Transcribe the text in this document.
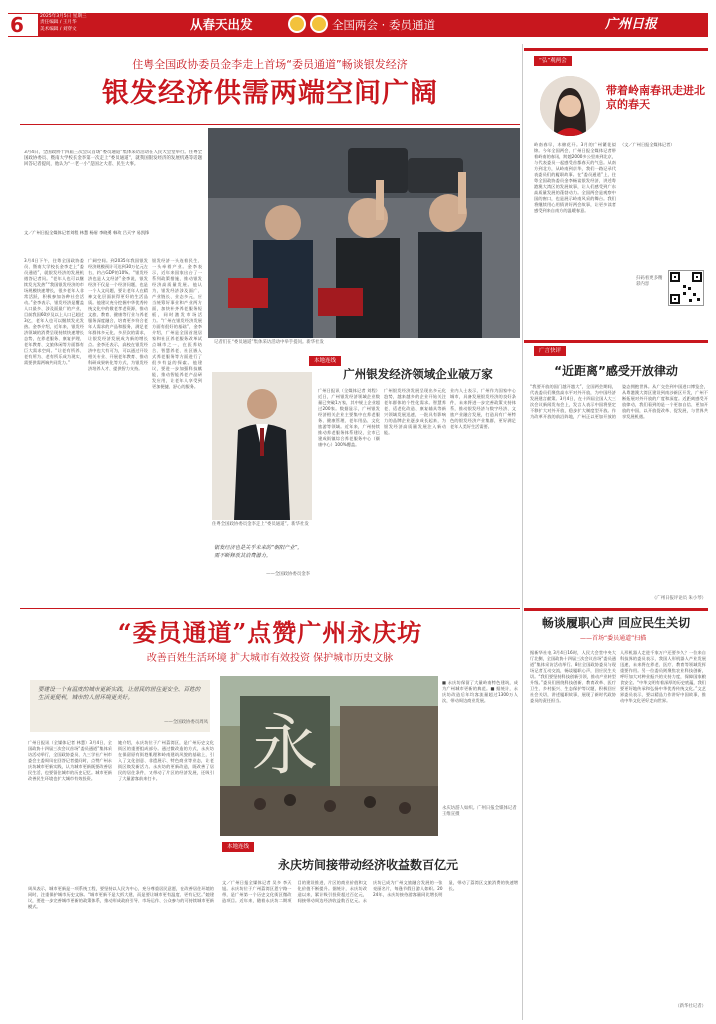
6	2025年3月5日 星期三
责任编辑 / 王月华
美术编辑 / 刘穿文	从春天出发	全国两会 · 委员通道	广州日报
住粤全国政协委员金李走上首场“委员通道”畅谈银发经济
银发经济供需两端空间广阔
3月4日，全国政协十四届三次会议首场“委员通道”集体采访活动在人民大会堂举行。住粤全国政协委员、暨南大学校长金李第一次走上“委员通道”，就我国银发经济的发展机遇等话题回答记者提问，他认为“一老一小”是国之大者、民生大事。
文／广州日报全媒体记者刘程 林慧 杨眉 李晓勇 韩玫 吕天宇 易凯锋
记者们在“委员通道”集体采访活动中举手提问。新华社发
3月4日下午，住粤全国政协委员、暨南大学校长金李走上“委员通道”，就银发经济的发展机遇答记者问。“老年人也可以继续发光发热”“我国银发经济的市场规模快速增长，很多老年人非常活跃，积极参加各种社会活动。”金李表示，银发经济是覆盖人口最多、涉及面最广的产业，目前我国60岁及以上人口已超过3亿，老年人也可以继续发光发热。金李介绍，近年来，银发经济领域的消费呈现持续快速增长态势，在养老服务、康复护理、老年教育、文旅休闲等方面都有巨大需求空间。“让老有所养、老有所为、老有所乐成为现实，需要供需两端共同发力。”
广阔空间。到2035年我国银发经济规模预计可达到30万亿元左右，约占GDP的10%。“银发经济也是人文经济”金李说，银发经济不仅是一个经济问题，也是一个人文问题，要让老年人在精神文化层面获得更好的生活品质。他建议充分挖掘中华优秀传统文化中的敬老孝老资源，推动文旅、教育、健康等行业与养老服务深度融合，培育更多符合老年人需求的产品和服务，满足老年群体多元化、多层次的需求，让银发经济发展成为新的增长点。金李还表示，高校在银发经济中也大有可为，可以通过开设相关专业、开展老年教育、推动科研成果转化等方式，为银发经济培养人才、提供智力支持。
银发经济一头连着民生、一头牵着产业。金李表示，近年来国家出台了一系列政策措施，推动银发经济高质量发展。他认为，银发经济涉及面广、产业链长、业态多元，应当统筹好事业和产业两方面，加快补齐养老服务短板，同时激发市场活力。“广州在银发经济发展方面有很好的基础”，金李介绍，广州是全国首批居家和社区养老服务改革试点城市之一，在医养结合、智慧养老、社区嵌入式养老服务等方面进行了很多有益的探索。他建议，要进一步加强科技赋能，推动智能养老产品研发应用，让老年人享受到更加便捷、舒心的服务。
本地连线
住粤全国政协委员金李走上“委员通道”。新华社发
广州银发经济领域企业破万家
广州日报讯（全媒体记者 刘程）近日，广州银发经济领域企业数量已突破1万家，其中规上企业超过200家。数据显示，广州银发经济相关企业主要集中在养老服务、健康管理、老年用品、文化旅游等领域。近年来，广州持续推动养老服务体系建设，全市已建成街镇综合养老服务中心（颐康中心）100%覆盖。
广州银发经济发展呈现出多元化趋势，越来越多的企业开始关注老年群体的个性化需求。智慧养老、适老化改造、康复辅具等新兴领域发展迅速，一批具有影响力的品牌企业逐步成长起来，为银发经济高质量发展注入新动能。
业内人士表示，广州作为国家中心城市，具备发展银发经济的良好条件，未来将进一步完善政策支持体系，推动银发经济与数字经济、文旅产业融合发展，打造具有广州特色的银发经济产业集群，更好满足老年人美好生活需要。
银发经济也是关乎未来的“朝阳产业”，需不断释放其消费潜力。
——全国政协委员金李
“弘”观两会
带着岭南春讯走进北京的春天
岭南春早，木棉花开。3月的广州繁花似锦。今年全国两会，广州日报全媒体记者带着岭南的春讯，跨越2000多公里来到北京，与代表委员一起感受首都春天的气息。从南方到北方，从岭南到京华，我们一路记录代表委员们的履职故事。在“委员通道”上，住粤全国政协委员金李畅谈银发经济，讲述粤港澳大湾区的发展故事，让人们感受到广东高质量发展的蓬勃动力。全国两会是观察中国的窗口，也是展示岭南风采的舞台。我们将继续用心用情讲好两会故事，让更多读者感受到来自南方的温暖春意。
（文／广州日报全媒体记者）
扫码看更多精彩内容
广言快评
“近距离”感受开放律动
“我要开放的国门越开越大”，全国两会期间，代表委员们聚焦高水平对外开放，为中国经济发展建言献策。3月4日，在十四届全国人大三次会议新闻发布会上，发言人表示中国将坚定不移扩大对外开放，稳步扩大制度型开放。作为改革开放的前沿阵地，广州正以更加开放的姿态拥抱世界。从广交会到中国进口博览会，从粤港澳大湾区建设到南沙新区开发，广州不断拓展对外开放的广度和深度。近距离感受开放律动，我们看到的是一个更加自信、更加开放的中国，以开放促改革、促发展，与世界共享发展机遇。
（广州日报评论员 朱小琴）
“委员通道”点赞广州永庆坊
改善百姓生活环境 扩大城市有效投资 保护城市历史文脉
要建设一个有温度的城市更新实践，让居民的居住更安全、百姓的生活更便利，城市的人居环境更美好。
——全国政协委员周凤
广州日报讯（全媒体记者 林慧）3月4日，全国政协十四届三次会议首场“委员通道”集体采访活动举行，全国政协委员、九三学社广州市委会主委周凤在回答记者提问时，点赞广州永庆坊城市更新实践，认为城市更新既要改善居民生活，也要留住城市的历史记忆。城市更新改善民生环境也扩大城市有效投资。
她介绍，永庆坊位于广州荔湾区，是广州历史文化街区的重要组成部分。通过微改造的方式，永庆坊在保留原有街巷肌理和岭南建筑风貌的基础上，引入了文化创意、非遗展示、特色商业等业态，让老街区焕发新活力。永庆坊的更新改造，既改善了居民的居住条件，又带动了片区的经济发展，还吸引了大量游客前来打卡。
周凤表示，城市更新是一项系统工程，要坚持以人民为中心，充分尊重居民意愿，在改善居住环境的同时，注重保护城市历史文脉。“城市更新不是大拆大建，而是要让城市更有温度、更有记忆。”她建议，要进一步完善城市更新的政策体系，推动形成政府引导、市场运作、公众参与的可持续城市更新模式。
永
■ 永庆坊保留了大量岭南特色建筑，成为广州城市更新的典范。■ 据统计，永庆坊改造后年均客流量超过1300万人次，带动周边商业发展。
永庆坊游人如织。广州日报全媒体记者 王维宣摄
本地连线
永庆坊间接带动经济收益数百亿元
文／广州日报全媒体记者 吴多 李天旭。永庆坊位于广州荔湾区恩宁路一带，是广州第一个历史文化街区微改造项目。近年来，随着永庆坊二期项目的建设推进，片区的商业价值和文化价值不断提升。据统计，永庆坊改造以来，累计吸引投资超过百亿元，间接带动周边经济收益数百亿元。永庆坊已成为广州文旅融合发展的一张亮丽名片，每逢节假日游人如织。2024年，永庆坊接待游客量同比增长明显，带动了荔湾区文旅消费的快速增长。
畅谈履职心声 回应民生关切
——首场“委员通道”扫描
据新华社电 3月4日16时，人民大会堂中央大厅北侧，全国政协十四届三次会议首场“委员通道”集体采访活动举行。8位全国政协委员与现场记者互动交流，畅谈履职心声，回应民生关切。“我们要坚持科技创新引领，推动产业转型升级。”委员们围绕科技创新、教育改革、医疗卫生、乡村振兴、生态保护等议题，积极回应社会关切，讲述履职故事，展现了新时代政协委员的责任担当。
人形机器人走进千家万户还要多久？一位来自科技界的委员表示，我国人形机器人产业发展迅速，未来将在养老、医疗、教育等领域发挥重要作用。另一位委员则聚焦农业科技创新，呼吁加大对种业振兴的支持力度，保障国家粮食安全。“中华文明有着深厚的历史底蕴，我们要更好地传承和弘扬中华优秀传统文化。”文艺界委员表示，要以精品力作讲好中国故事，推动中华文化更好走向世界。
（新华社记者）
